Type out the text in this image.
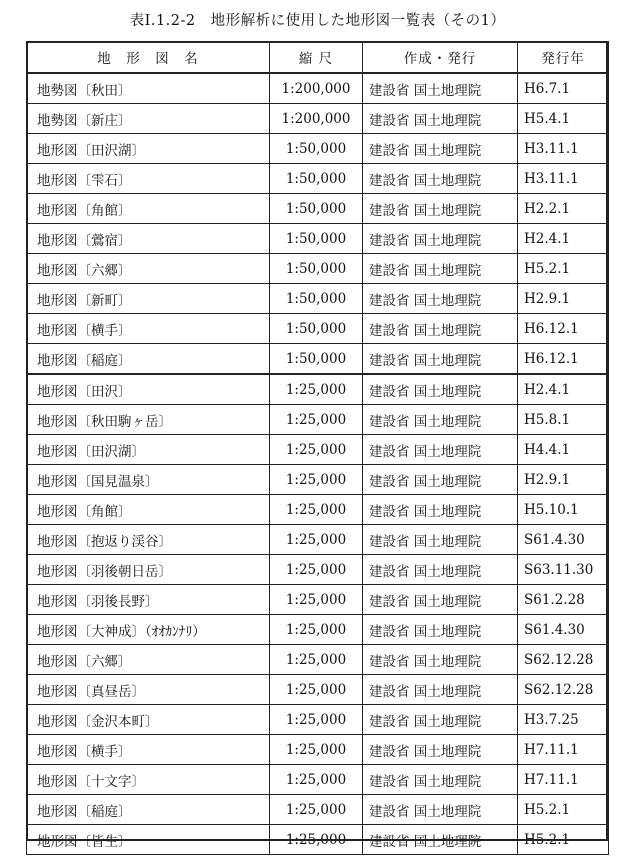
表Ⅰ.1.2-2　地形解析に使用した地形図一覧表（その1）
地　形　図　名	縮 尺	作成・発行	発行年
地勢図〔秋田〕	1:200,000	建設省 国土地理院	H6.7.1
地勢図〔新庄〕	1:200,000	建設省 国土地理院	H5.4.1
地形図〔田沢湖〕	1:50,000	建設省 国土地理院	H3.11.1
地形図〔雫石〕	1:50,000	建設省 国土地理院	H3.11.1
地形図〔角館〕	1:50,000	建設省 国土地理院	H2.2.1
地形図〔鶯宿〕	1:50,000	建設省 国土地理院	H2.4.1
地形図〔六郷〕	1:50,000	建設省 国土地理院	H5.2.1
地形図〔新町〕	1:50,000	建設省 国土地理院	H2.9.1
地形図〔横手〕	1:50,000	建設省 国土地理院	H6.12.1
地形図〔稲庭〕	1:50,000	建設省 国土地理院	H6.12.1
地形図〔田沢〕	1:25,000	建設省 国土地理院	H2.4.1
地形図〔秋田駒ヶ岳〕	1:25,000	建設省 国土地理院	H5.8.1
地形図〔田沢湖〕	1:25,000	建設省 国土地理院	H4.4.1
地形図〔国見温泉〕	1:25,000	建設省 国土地理院	H2.9.1
地形図〔角館〕	1:25,000	建設省 国土地理院	H5.10.1
地形図〔抱返り渓谷〕	1:25,000	建設省 国土地理院	S61.4.30
地形図〔羽後朝日岳〕	1:25,000	建設省 国土地理院	S63.11.30
地形図〔羽後長野〕	1:25,000	建設省 国土地理院	S61.2.28
地形図〔大神成〕（ｵｵｶﾝﾅﾘ）	1:25,000	建設省 国土地理院	S61.4.30
地形図〔六郷〕	1:25,000	建設省 国土地理院	S62.12.28
地形図〔真昼岳〕	1:25,000	建設省 国土地理院	S62.12.28
地形図〔金沢本町〕	1:25,000	建設省 国土地理院	H3.7.25
地形図〔横手〕	1:25,000	建設省 国土地理院	H7.11.1
地形図〔十文字〕	1:25,000	建設省 国土地理院	H7.11.1
地形図〔稲庭〕	1:25,000	建設省 国土地理院	H5.2.1
地形図〔皆生〕	1:25,000	建設省 国土地理院	H5.2.1
